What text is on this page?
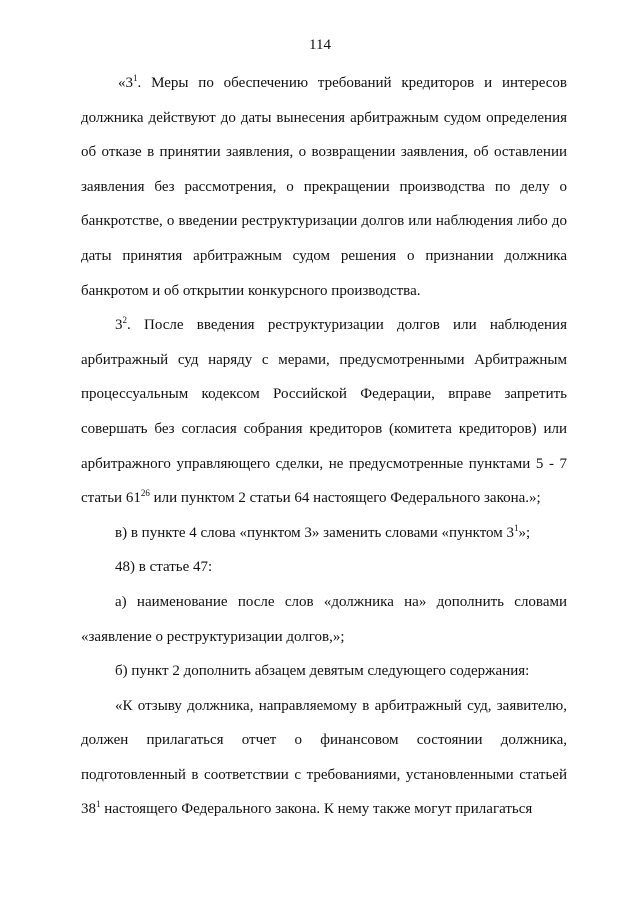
114

«$3^1$. Меры по обеспечению требований кредиторов и интересов должника действуют до даты вынесения арбитражным судом определения об отказе в принятии заявления, о возвращении заявления, об оставлении заявления без рассмотрения, о прекращении производства по делу о банкротстве, о введении реструктуризации долгов или наблюдения либо до даты принятия арбитражным судом решения о признании должника банкротом и об открытии конкурсного производства.

$3^2$. После введения реструктуризации долгов или наблюдения арбитражный суд наряду с мерами, предусмотренными Арбитражным процессуальным кодексом Российской Федерации, вправе запретить совершать без согласия собрания кредиторов (комитета кредиторов) или арбитражного управляющего сделки, не предусмотренные пунктами 5 - 7 статьи $61^{26}$ или пунктом 2 статьи 64 настоящего Федерального закона.»;

в) в пункте 4 слова «пунктом 3» заменить словами «пунктом $3^1$»;

48) в статье 47:

а) наименование после слов «должника на» дополнить словами «заявление о реструктуризации долгов,»;

б) пункт 2 дополнить абзацем девятым следующего содержания:

«К отзыву должника, направляемому в арбитражный суд, заявителю, должен прилагаться отчет о финансовом состоянии должника, подготовленный в соответствии с требованиями, установленными статьей $38^1$ настоящего Федерального закона. К нему также могут прилагаться
